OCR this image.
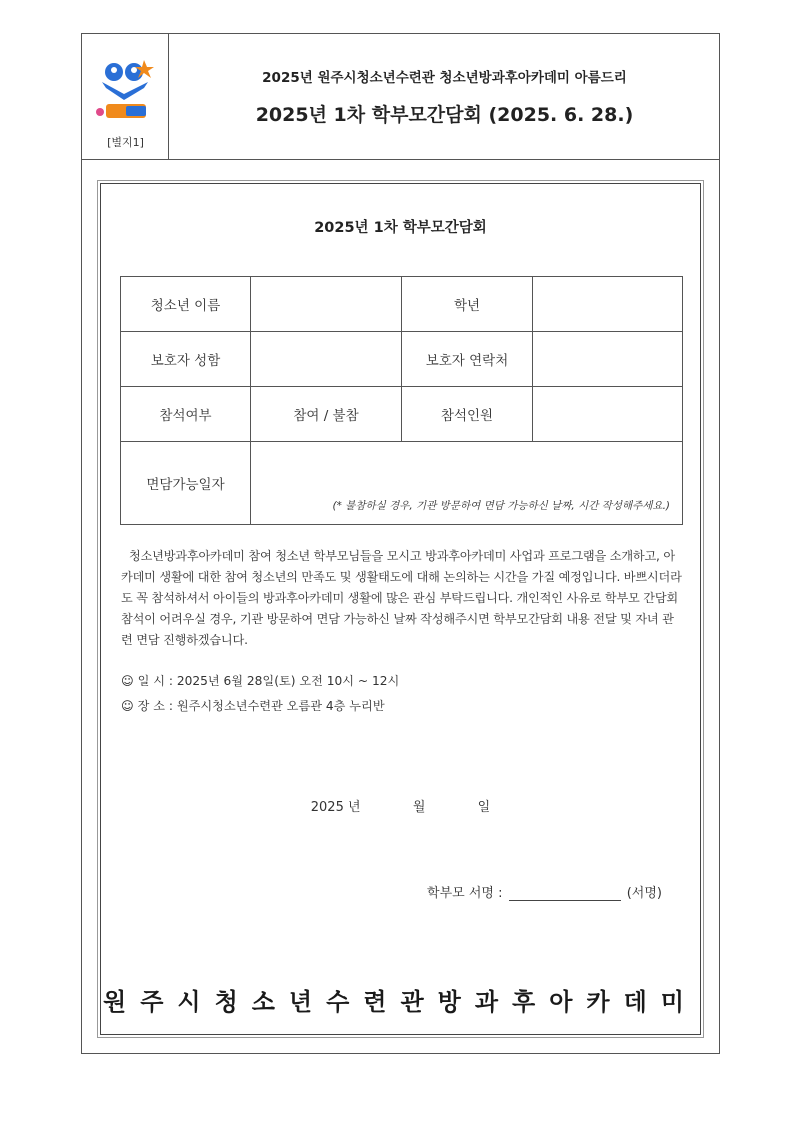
[별지1]
2025년 원주시청소년수련관 청소년방과후아카데미 아름드리
2025년 1차 학부모간담회 (2025. 6. 28.)
2025년 1차 학부모간담회
청소년 이름		학년	
보호자 성함		보호자 연락처	
참석여부	참여 / 불참	참석인원	
면담가능일자	(* 불참하실 경우, 기관 방문하여 면담 가능하신 날짜, 시간 작성해주세요.)		
청소년방과후아카데미 참여 청소년 학부모님들을 모시고 방과후아카데미 사업과 프로그램을 소개하고, 아카데미 생활에 대한 참여 청소년의 만족도 및 생활태도에 대해 논의하는 시간을 가질 예정입니다. 바쁘시더라도 꼭 참석하셔서 아이들의 방과후아카데미 생활에 많은 관심 부탁드립니다. 개인적인 사유로 학부모 간담회 참석이 어려우실 경우, 기관 방문하여 면담 가능하신 날짜 작성해주시면 학부모간담회 내용 전달 및 자녀 관련 면담 진행하겠습니다.
☺ 일 시 : 2025년 6월 28일(토) 오전 10시 ~ 12시
☺ 장 소 : 원주시청소년수련관 오름관 4층 누리반
2025 년	월	일
학부모 서명 :	(서명)
원주시청소년수련관방과후아카데미
